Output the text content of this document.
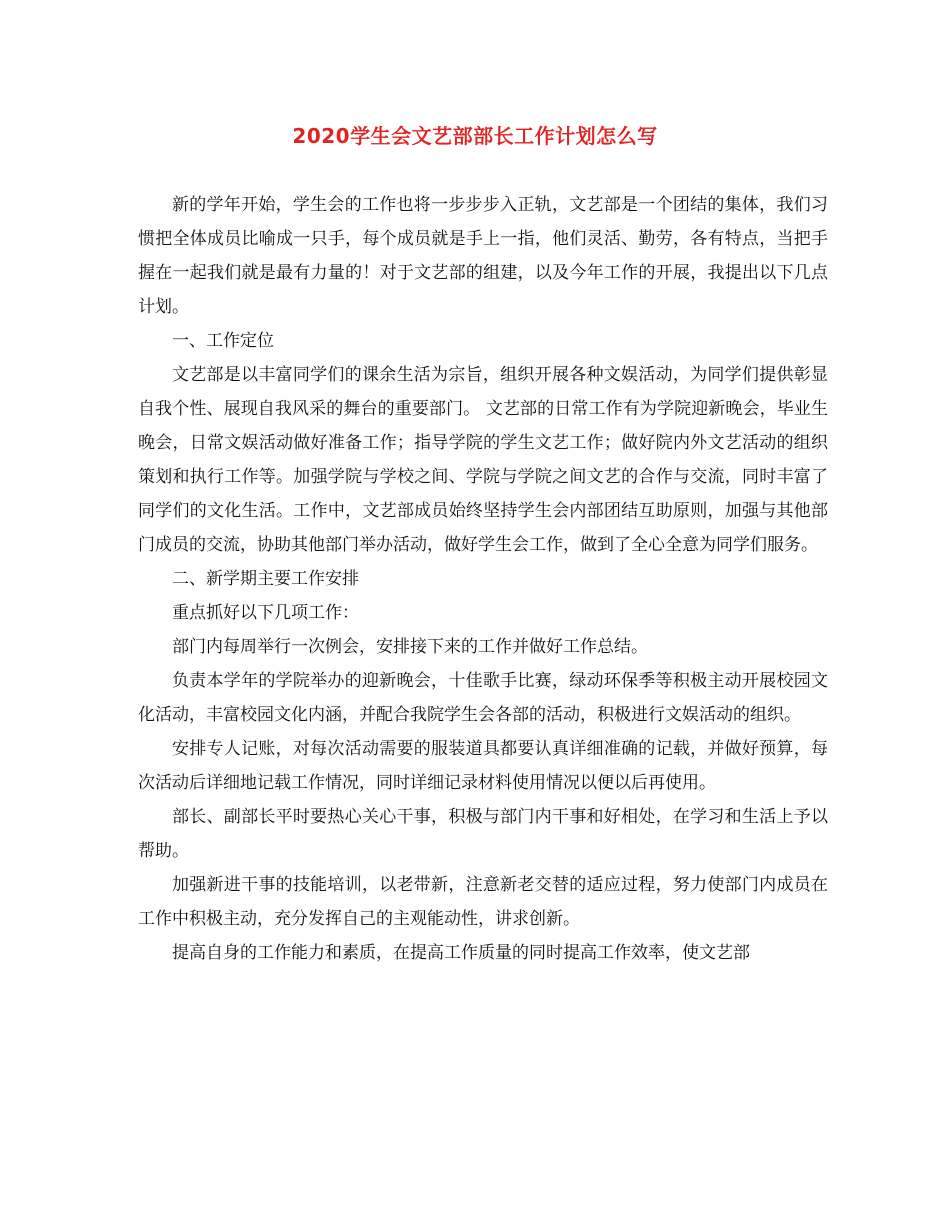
2020学生会文艺部部长工作计划怎么写

新的学年开始，学生会的工作也将一步步步入正轨，文艺部是一个团结的集体，我们习惯把全体成员比喻成一只手，每个成员就是手上一指，他们灵活、勤劳，各有特点，当把手握在一起我们就是最有力量的！对于文艺部的组建，以及今年工作的开展，我提出以下几点计划。

一、工作定位

文艺部是以丰富同学们的课余生活为宗旨，组织开展各种文娱活动，为同学们提供彰显自我个性、展现自我风采的舞台的重要部门。 文艺部的日常工作有为学院迎新晚会，毕业生晚会，日常文娱活动做好准备工作；指导学院的学生文艺工作；做好院内外文艺活动的组织策划和执行工作等。加强学院与学校之间、学院与学院之间文艺的合作与交流，同时丰富了同学们的文化生活。工作中，文艺部成员始终坚持学生会内部团结互助原则，加强与其他部门成员的交流，协助其他部门举办活动，做好学生会工作，做到了全心全意为同学们服务。

二、新学期主要工作安排

重点抓好以下几项工作：

部门内每周举行一次例会，安排接下来的工作并做好工作总结。

负责本学年的学院举办的迎新晚会，十佳歌手比赛，绿动环保季等积极主动开展校园文化活动，丰富校园文化内涵，并配合我院学生会各部的活动，积极进行文娱活动的组织。

安排专人记账，对每次活动需要的服装道具都要认真详细准确的记载，并做好预算，每次活动后详细地记载工作情况，同时详细记录材料使用情况以便以后再使用。

部长、副部长平时要热心关心干事，积极与部门内干事和好相处，在学习和生活上予以帮助。

加强新进干事的技能培训，以老带新，注意新老交替的适应过程，努力使部门内成员在工作中积极主动，充分发挥自己的主观能动性，讲求创新。

提高自身的工作能力和素质，在提高工作质量的同时提高工作效率，使文艺部
